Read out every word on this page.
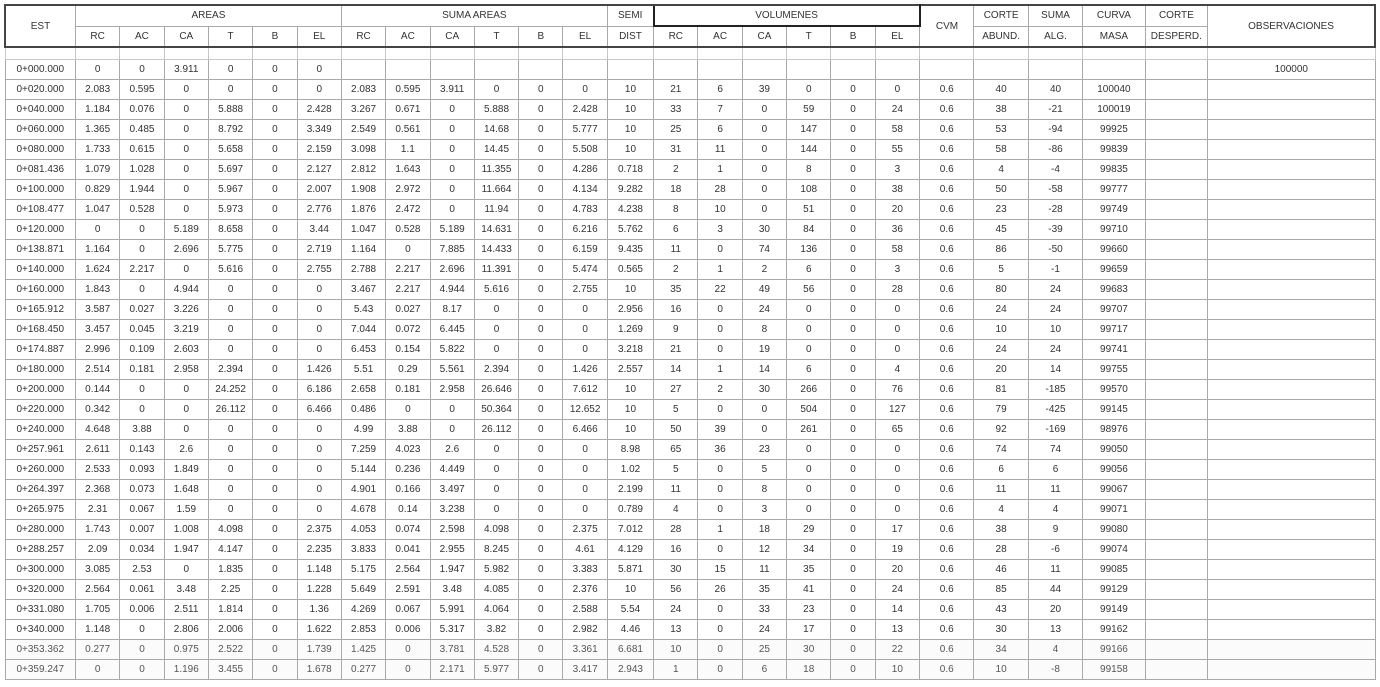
EST	AREAS						SUMA AREAS						SEMI	VOLUMENES						CVM	CORTE	SUMA	CURVA	CORTE	OBSERVACIONES
	RC	AC	CA	T	B	EL	RC	AC	CA	T	B	EL	DIST	RC	AC	CA	T	B	EL		ABUND.	ALG.	MASA	DESPERD.	

0+000.000	0	0	3.911	0	0	0																			100000
0+020.000	2.083	0.595	0	0	0	0	2.083	0.595	3.911	0	0	0	10	21	6	39	0	0	0	0.6	40	40	100040		
0+040.000	1.184	0.076	0	5.888	0	2.428	3.267	0.671	0	5.888	0	2.428	10	33	7	0	59	0	24	0.6	38	-21	100019		
0+060.000	1.365	0.485	0	8.792	0	3.349	2.549	0.561	0	14.68	0	5.777	10	25	6	0	147	0	58	0.6	53	-94	99925		
0+080.000	1.733	0.615	0	5.658	0	2.159	3.098	1.1	0	14.45	0	5.508	10	31	11	0	144	0	55	0.6	58	-86	99839		
0+081.436	1.079	1.028	0	5.697	0	2.127	2.812	1.643	0	11.355	0	4.286	0.718	2	1	0	8	0	3	0.6	4	-4	99835		
0+100.000	0.829	1.944	0	5.967	0	2.007	1.908	2.972	0	11.664	0	4.134	9.282	18	28	0	108	0	38	0.6	50	-58	99777		
0+108.477	1.047	0.528	0	5.973	0	2.776	1.876	2.472	0	11.94	0	4.783	4.238	8	10	0	51	0	20	0.6	23	-28	99749		
0+120.000	0	0	5.189	8.658	0	3.44	1.047	0.528	5.189	14.631	0	6.216	5.762	6	3	30	84	0	36	0.6	45	-39	99710		
0+138.871	1.164	0	2.696	5.775	0	2.719	1.164	0	7.885	14.433	0	6.159	9.435	11	0	74	136	0	58	0.6	86	-50	99660		
0+140.000	1.624	2.217	0	5.616	0	2.755	2.788	2.217	2.696	11.391	0	5.474	0.565	2	1	2	6	0	3	0.6	5	-1	99659		
0+160.000	1.843	0	4.944	0	0	0	3.467	2.217	4.944	5.616	0	2.755	10	35	22	49	56	0	28	0.6	80	24	99683		
0+165.912	3.587	0.027	3.226	0	0	0	5.43	0.027	8.17	0	0	0	2.956	16	0	24	0	0	0	0.6	24	24	99707		
0+168.450	3.457	0.045	3.219	0	0	0	7.044	0.072	6.445	0	0	0	1.269	9	0	8	0	0	0	0.6	10	10	99717		
0+174.887	2.996	0.109	2.603	0	0	0	6.453	0.154	5.822	0	0	0	3.218	21	0	19	0	0	0	0.6	24	24	99741		
0+180.000	2.514	0.181	2.958	2.394	0	1.426	5.51	0.29	5.561	2.394	0	1.426	2.557	14	1	14	6	0	4	0.6	20	14	99755		
0+200.000	0.144	0	0	24.252	0	6.186	2.658	0.181	2.958	26.646	0	7.612	10	27	2	30	266	0	76	0.6	81	-185	99570		
0+220.000	0.342	0	0	26.112	0	6.466	0.486	0	0	50.364	0	12.652	10	5	0	0	504	0	127	0.6	79	-425	99145		
0+240.000	4.648	3.88	0	0	0	0	4.99	3.88	0	26.112	0	6.466	10	50	39	0	261	0	65	0.6	92	-169	98976		
0+257.961	2.611	0.143	2.6	0	0	0	7.259	4.023	2.6	0	0	0	8.98	65	36	23	0	0	0	0.6	74	74	99050		
0+260.000	2.533	0.093	1.849	0	0	0	5.144	0.236	4.449	0	0	0	1.02	5	0	5	0	0	0	0.6	6	6	99056		
0+264.397	2.368	0.073	1.648	0	0	0	4.901	0.166	3.497	0	0	0	2.199	11	0	8	0	0	0	0.6	11	11	99067		
0+265.975	2.31	0.067	1.59	0	0	0	4.678	0.14	3.238	0	0	0	0.789	4	0	3	0	0	0	0.6	4	4	99071		
0+280.000	1.743	0.007	1.008	4.098	0	2.375	4.053	0.074	2.598	4.098	0	2.375	7.012	28	1	18	29	0	17	0.6	38	9	99080		
0+288.257	2.09	0.034	1.947	4.147	0	2.235	3.833	0.041	2.955	8.245	0	4.61	4.129	16	0	12	34	0	19	0.6	28	-6	99074		
0+300.000	3.085	2.53	0	1.835	0	1.148	5.175	2.564	1.947	5.982	0	3.383	5.871	30	15	11	35	0	20	0.6	46	11	99085		
0+320.000	2.564	0.061	3.48	2.25	0	1.228	5.649	2.591	3.48	4.085	0	2.376	10	56	26	35	41	0	24	0.6	85	44	99129		
0+331.080	1.705	0.006	2.511	1.814	0	1.36	4.269	0.067	5.991	4.064	0	2.588	5.54	24	0	33	23	0	14	0.6	43	20	99149		
0+340.000	1.148	0	2.806	2.006	0	1.622	2.853	0.006	5.317	3.82	0	2.982	4.46	13	0	24	17	0	13	0.6	30	13	99162		
0+353.362	0.277	0	0.975	2.522	0	1.739	1.425	0	3.781	4.528	0	3.361	6.681	10	0	25	30	0	22	0.6	34	4	99166		
0+359.247	0	0	1.196	3.455	0	1.678	0.277	0	2.171	5.977	0	3.417	2.943	1	0	6	18	0	10	0.6	10	-8	99158		
